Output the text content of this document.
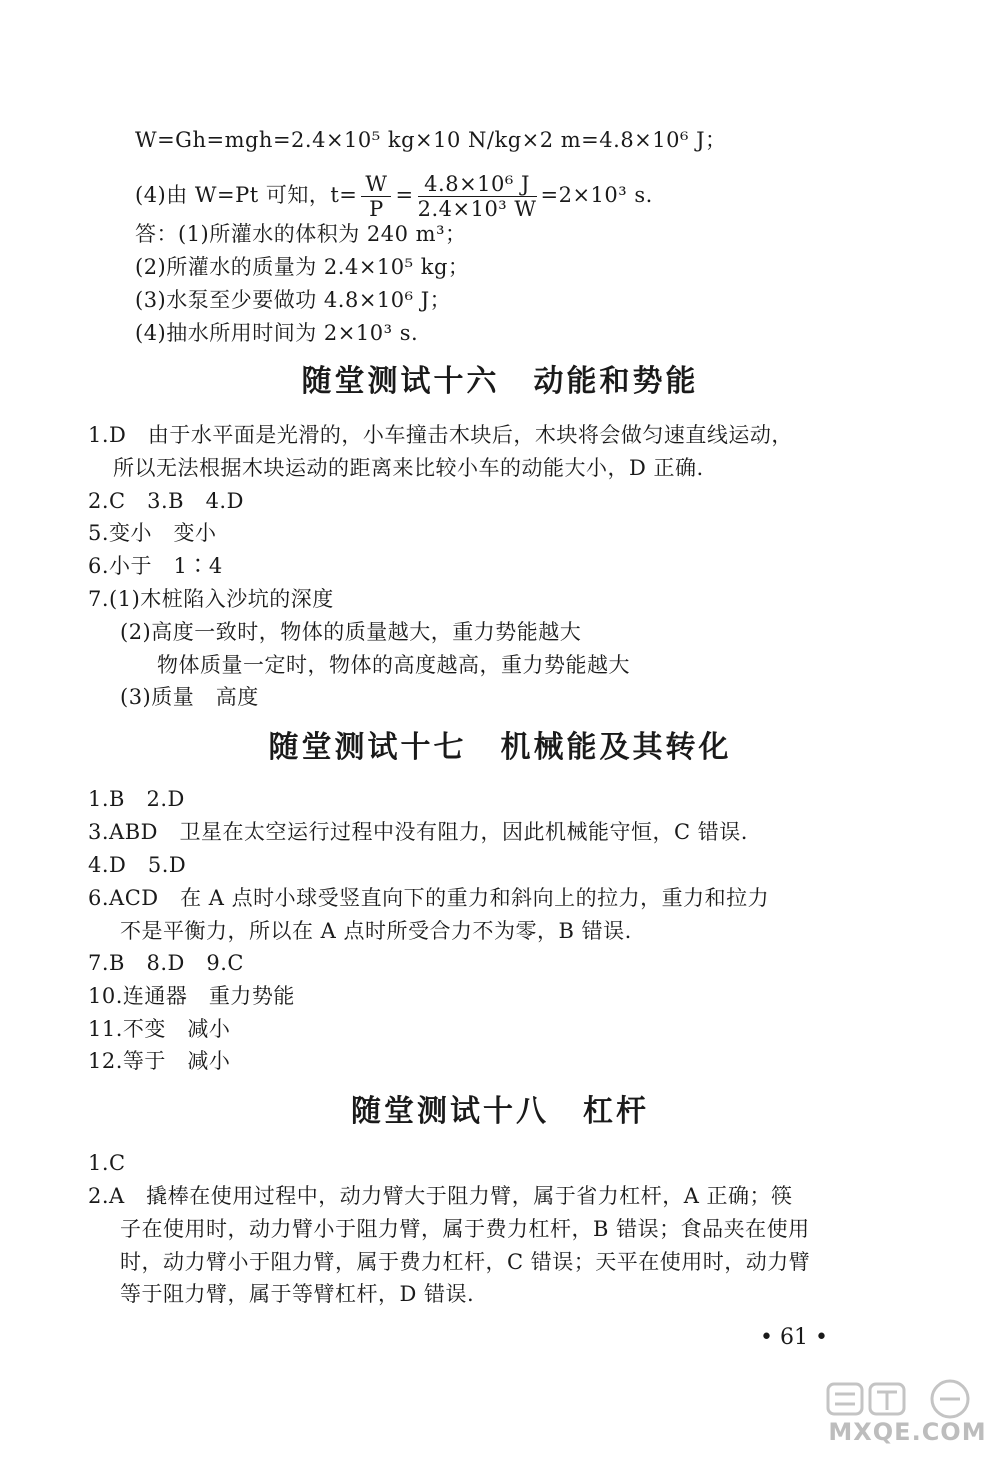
W=Gh=mgh=2.4×10⁵ kg×10 N/kg×2 m=4.8×10⁶ J；
(4)由 W=Pt 可知，$t= \frac{W}{P} = \frac{\text{4.8×10⁶ J}}{\text{2.4×10³ W}} =2\times 10^3$ s.
答：(1)所灌水的体积为 240 m³；
(2)所灌水的质量为 2.4×10⁵ kg；
(3)水泵至少要做功 4.8×10⁶ J；
(4)抽水所用时间为 2×10³ s.
随堂测试十六 动能和势能
1.D　由于水平面是光滑的，小车撞击木块后，木块将会做匀速直线运动，
所以无法根据木块运动的距离来比较小车的动能大小，D 正确.
2.C　3.B　4.D
5.变小　变小
6.小于　1∶4
7.(1)木桩陷入沙坑的深度
(2)高度一致时，物体的质量越大，重力势能越大
物体质量一定时，物体的高度越高，重力势能越大
(3)质量　高度
随堂测试十七 机械能及其转化
1.B　2.D
3.ABD　卫星在太空运行过程中没有阻力，因此机械能守恒，C 错误.
4.D　5.D
6.ACD　在 A 点时小球受竖直向下的重力和斜向上的拉力，重力和拉力
不是平衡力，所以在 A 点时所受合力不为零，B 错误.
7.B　8.D　9.C
10.连通器　重力势能
11.不变　减小
12.等于　减小
随堂测试十八 杠杆
1.C
2.A　撬棒在使用过程中，动力臂大于阻力臂，属于省力杠杆，A 正确；筷
子在使用时，动力臂小于阻力臂，属于费力杠杆，B 错误；食品夹在使用
时，动力臂小于阻力臂，属于费力杠杆，C 错误；天平在使用时，动力臂
等于阻力臂，属于等臂杠杆，D 错误.
• 61 •
MXQE.COM
